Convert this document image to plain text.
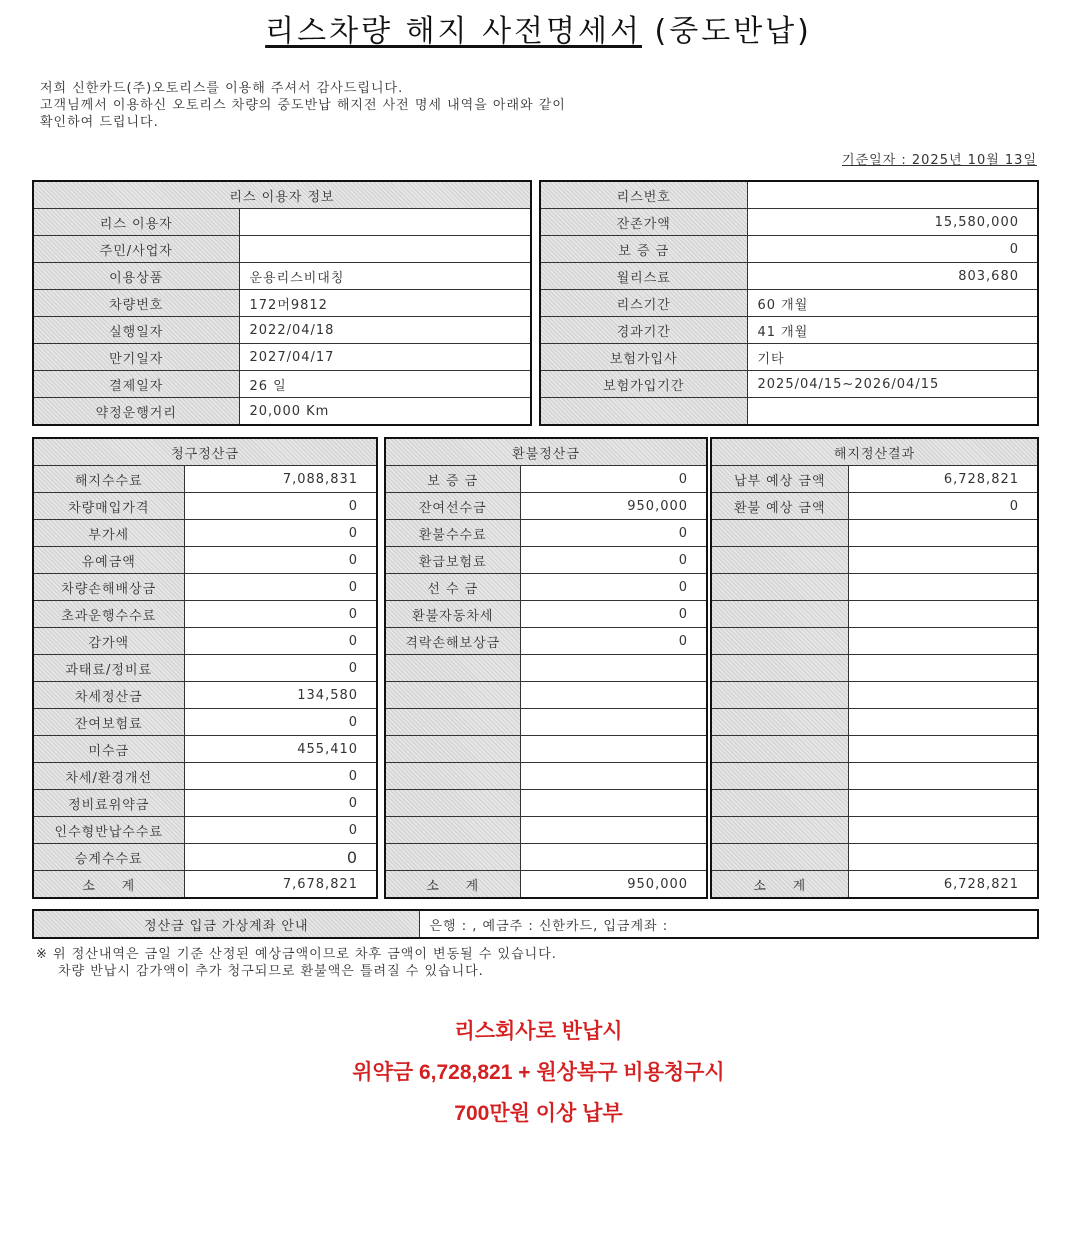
리스차량 해지 사전명세서 (중도반납)
저희 신한카드(주)오토리스를 이용해 주셔서 감사드립니다.
고객님께서 이용하신 오토리스 차량의 중도반납 해지전 사전 명세 내역을 아래와 같이
확인하여 드립니다.
기준일자 : 2025년 10월 13일
리스 이용자 정보	
리스 이용자	
주민/사업자	
이용상품	운용리스비대칭
차량번호	172머9812
실행일자	2022/04/18
만기일자	2027/04/17
결제일자	26 일
약정운행거리	20,000 Km
리스번호	
잔존가액	15,580,000
보 증 금	0
월리스료	803,680
리스기간	60 개월
경과기간	41 개월
보험가입사	기타
보험가입기간	2025/04/15~2026/04/15

청구정산금	
해지수수료	7,088,831
차량매입가격	0
부가세	0
유예금액	0
차량손해배상금	0
초과운행수수료	0
감가액	0
과태료/정비료	0
차세정산금	134,580
잔여보험료	0
미수금	455,410
차세/환경개선	0
정비료위약금	0
인수형반납수수료	0
승계수수료	0
소     계	7,678,821
환불정산금	
보 증 금	0
잔여선수금	950,000
환불수수료	0
환급보험료	0
선 수 금	0
환불자동차세	0
격락손해보상금	0

소     계	950,000
해지정산결과	
납부 예상 금액	6,728,821
환불 예상 금액	0

소     계	6,728,821
정산금 입금 가상계좌 안내	은행 : , 예금주 : 신한카드, 입금계좌 :
※ 위 정산내역은 금일 기준 산정된 예상금액이므로 차후 금액이 변동될 수 있습니다.
차량 반납시 감가액이 추가 청구되므로 환불액은 틀려질 수 있습니다.
리스회사로 반납시
위약금 6,728,821 + 원상복구 비용청구시
700만원 이상 납부
